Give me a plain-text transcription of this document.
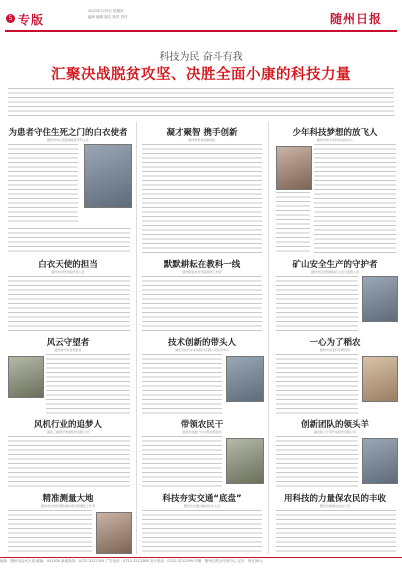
5 专版
2023年2月9日 星期四
编审 编辑 版式 校对 责任	随州日报
科技为民 奋斗有我
汇聚决战脱贫攻坚、决胜全面小康的科技力量
为患者守住生死之门的白衣使者
随州市中心医院重症医学科主任
凝才聚智 携手创新
随州市科技创新团队
少年科技梦想的放飞人
随州市青少年科技活动中心
白衣天使的担当
随州市中医医院医务人员
默默耕耘在教科一线
随州职业技术学院科研工作者
矿山安全生产的守护者
随州市应急管理局矿山安全监管人员
风云守望者
随州市气象台预报员
技术创新的带头人
湖北齐星汽车车身股份有限公司技术中心
一心为了稻农
随州市农业科学研究所
风机行业的追梦人
湖北三峰透平装备股份有限公司
带领农民干
随县农技推广中心科技特派员
创新团队的领头羊
湖北程力专用汽车股份有限公司
精准测量大地
随州市自然资源和城乡建设局测绘工作者
科技夯实交通“底盘”
随州市交通运输局技术人员
用科技的力量保农民的丰收
随州市植保站农技人员
地址：随州市沿河大道 邮编：441300 新闻热线：0722-3212345 广告电话：0722-3212388 发行电话：0722-3212399 印刷：随州日报社印务中心 定价：每月30元
